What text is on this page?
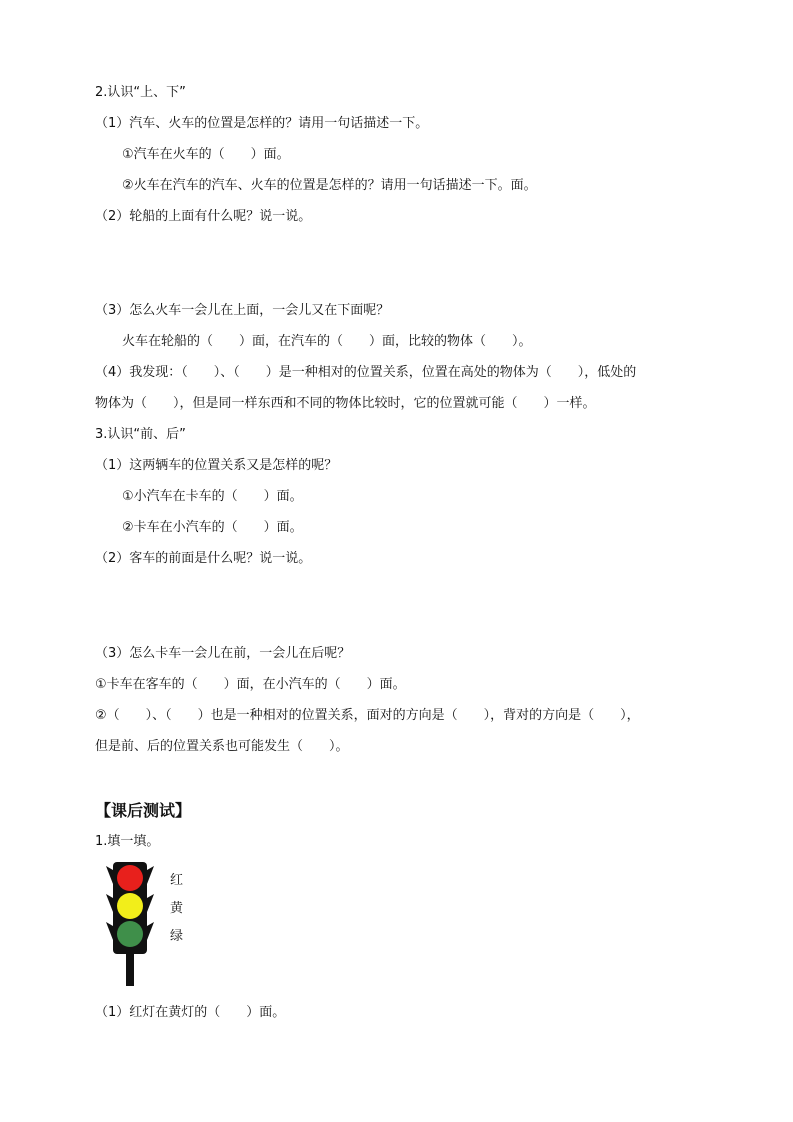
2.认识“上、下”
（1）汽车、火车的位置是怎样的？请用一句话描述一下。
①汽车在火车的（　　）面。
②火车在汽车的汽车、火车的位置是怎样的？请用一句话描述一下。面。
（2）轮船的上面有什么呢？说一说。
（3）怎么火车一会儿在上面，一会儿又在下面呢？
火车在轮船的（　　）面，在汽车的（　　）面，比较的物体（　　）。
（4）我发现：（　　）、（　　）是一种相对的位置关系，位置在高处的物体为（　　），低处的
物体为（　　），但是同一样东西和不同的物体比较时，它的位置就可能（　　）一样。
3.认识“前、后”
（1）这两辆车的位置关系又是怎样的呢？
①小汽车在卡车的（　　）面。
②卡车在小汽车的（　　）面。
（2）客车的前面是什么呢？说一说。
（3）怎么卡车一会儿在前，一会儿在后呢？
①卡车在客车的（　　）面，在小汽车的（　　）面。
②（　　）、（　　）也是一种相对的位置关系，面对的方向是（　　），背对的方向是（　　），
但是前、后的位置关系也可能发生（　　）。
【课后测试】
1.填一填。
红
黄
绿
（1）红灯在黄灯的（　　）面。
